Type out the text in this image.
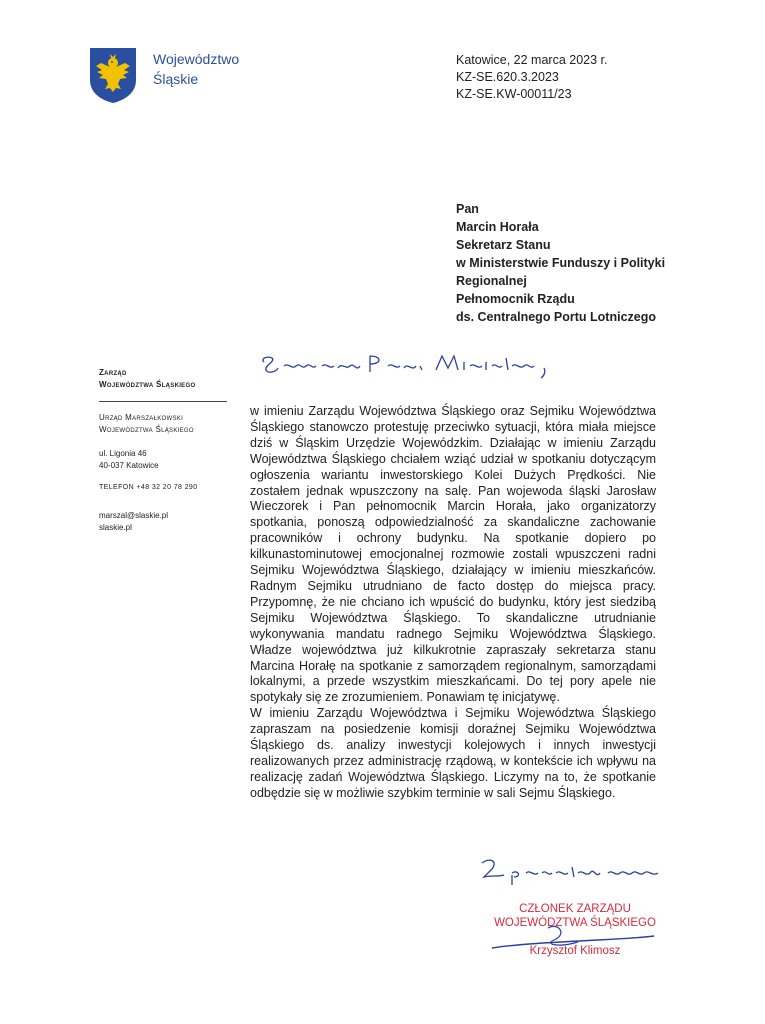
Województwo
Śląskie
Katowice, 22 marca 2023 r.
KZ-SE.620.3.2023
KZ-SE.KW-00011/23
Pan
Marcin Horała
Sekretarz Stanu
w Ministerstwie Funduszy i Polityki
Regionalnej
Pełnomocnik Rządu
ds. Centralnego Portu Lotniczego
Zarząd
Województwa Śląskiego
Urząd Marszałkowski
Województwa Śląskiego
ul. Ligonia 46
40-037 Katowice
TELEFON +48 32 20 78 290
marszal@slaskie.pl
slaskie.pl

w imieniu Zarządu Województwa Śląskiego oraz Sejmiku Województwa Śląskiego stanowczo protestuję przeciwko sytuacji, która miała miejsce dziś w Śląskim Urzędzie Wojewódzkim. Działając w imieniu Zarządu Województwa Śląskiego chciałem wziąć udział w spotkaniu dotyczącym ogłoszenia wariantu inwestorskiego Kolei Dużych Prędkości. Nie zostałem jednak wpuszczony na salę. Pan wojewoda śląski Jarosław Wieczorek i Pan pełnomocnik Marcin Horała, jako organizatorzy spotkania, ponoszą odpowiedzialność za skandaliczne zachowanie pracowników i ochrony budynku. Na spotkanie dopiero po kilkunastominutowej emocjonalnej rozmowie zostali wpuszczeni radni Sejmiku Województwa Śląskiego, działający w imieniu mieszkańców. Radnym Sejmiku utrudniano de facto dostęp do miejsca pracy. Przypomnę, że nie chciano ich wpuścić do budynku, który jest siedzibą Sejmiku Województwa Śląskiego. To skandaliczne utrudnianie wykonywania mandatu radnego Sejmiku Województwa Śląskiego. Władze województwa już kilkukrotnie zapraszały sekretarza stanu Marcina Horałę na spotkanie z samorządem regionalnym, samorządami lokalnymi, a przede wszystkim mieszkańcami. Do tej pory apele nie spotykały się ze zrozumieniem. Ponawiam tę inicjatywę.

W imieniu Zarządu Województwa i Sejmiku Województwa Śląskiego zapraszam na posiedzenie komisji doraźnej Sejmiku Województwa Śląskiego ds. analizy inwestycji kolejowych i innych inwestycji realizowanych przez administrację rządową, w kontekście ich wpływu na realizację zadań Województwa Śląskiego. Liczymy na to, że spotkanie odbędzie się w możliwie szybkim terminie w sali Sejmu Śląskiego.

CZŁONEK ZARZĄDU
WOJEWÓDZTWA ŚLĄSKIEGO
Krzysztof Klimosz
